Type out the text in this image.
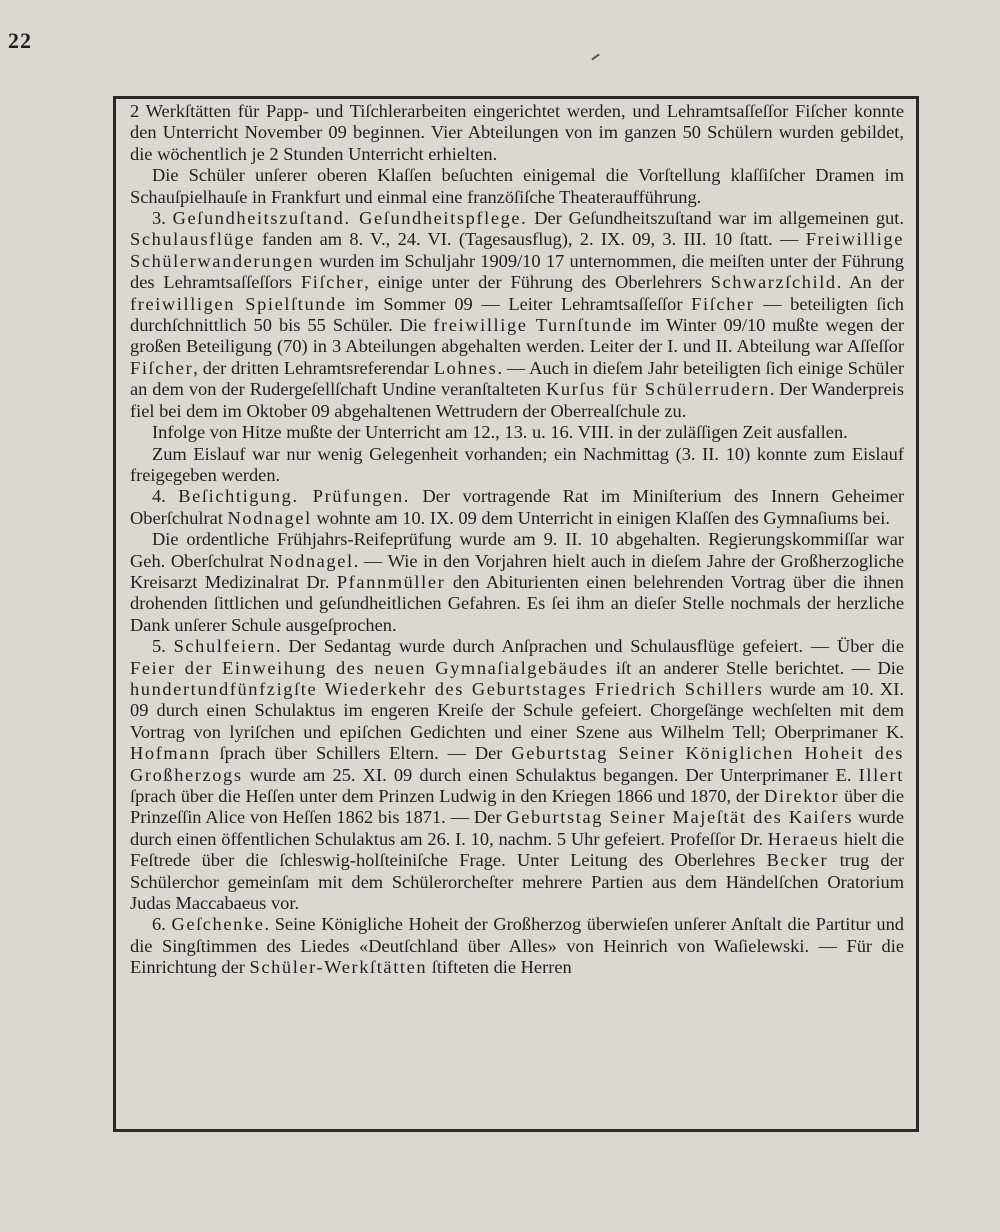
22

2 Werkſtätten für Papp- und Tiſchlerarbeiten eingerichtet werden, und Lehramtsaſſeſſor Fiſcher konnte den Unterricht November 09 beginnen. Vier Abteilungen von im ganzen 50 Schülern wurden gebildet, die wöchentlich je 2 Stunden Unterricht erhielten.

Die Schüler unſerer oberen Klaſſen beſuchten einigemal die Vorſtellung klaſſiſcher Dramen im Schauſpielhauſe in Frankfurt und einmal eine franzöſiſche Theateraufführung.

3. Geſundheitszuſtand. Geſundheitspflege. Der Geſundheitszuſtand war im allgemeinen gut. Schulausflüge fanden am 8. V., 24. VI. (Tagesausflug), 2. IX. 09, 3. III. 10 ſtatt. — Freiwillige Schülerwanderungen wurden im Schuljahr 1909/10 17 unternommen, die meiſten unter der Führung des Lehramtsaſſeſſors Fiſcher, einige unter der Führung des Oberlehrers Schwarzſchild. An der freiwilligen Spielſtunde im Sommer 09 — Leiter Lehramtsaſſeſſor Fiſcher — beteiligten ſich durchſchnittlich 50 bis 55 Schüler. Die freiwillige Turnſtunde im Winter 09/10 mußte wegen der großen Beteiligung (70) in 3 Abteilungen abgehalten werden. Leiter der I. und II. Abteilung war Aſſeſſor Fiſcher, der dritten Lehramtsreferendar Lohnes. — Auch in dieſem Jahr beteiligten ſich einige Schüler an dem von der Rudergeſellſchaft Undine veranſtalteten Kurſus für Schülerrudern. Der Wanderpreis fiel bei dem im Oktober 09 abgehaltenen Wettrudern der Oberrealſchule zu.

Infolge von Hitze mußte der Unterricht am 12., 13. u. 16. VIII. in der zuläſſigen Zeit ausfallen.

Zum Eislauf war nur wenig Gelegenheit vorhanden; ein Nachmittag (3. II. 10) konnte zum Eislauf freigegeben werden.

4. Beſichtigung. Prüfungen. Der vortragende Rat im Miniſterium des Innern Geheimer Oberſchulrat Nodnagel wohnte am 10. IX. 09 dem Unterricht in einigen Klaſſen des Gymnaſiums bei.

Die ordentliche Frühjahrs-Reifeprüfung wurde am 9. II. 10 abgehalten. Regierungskommiſſar war Geh. Oberſchulrat Nodnagel. — Wie in den Vorjahren hielt auch in dieſem Jahre der Großherzogliche Kreisarzt Medizinalrat Dr. Pfannmüller den Abiturienten einen belehrenden Vortrag über die ihnen drohenden ſittlichen und geſundheitlichen Gefahren. Es ſei ihm an dieſer Stelle nochmals der herzliche Dank unſerer Schule ausgeſprochen.

5. Schulfeiern. Der Sedantag wurde durch Anſprachen und Schulausflüge gefeiert. — Über die Feier der Einweihung des neuen Gymnaſialgebäudes iſt an anderer Stelle berichtet. — Die hundertundfünfzigſte Wiederkehr des Geburtstages Friedrich Schillers wurde am 10. XI. 09 durch einen Schulaktus im engeren Kreiſe der Schule gefeiert. Chorgeſänge wechſelten mit dem Vortrag von lyriſchen und epiſchen Gedichten und einer Szene aus Wilhelm Tell; Oberprimaner K. Hofmann ſprach über Schillers Eltern. — Der Geburtstag Seiner Königlichen Hoheit des Großherzogs wurde am 25. XI. 09 durch einen Schulaktus begangen. Der Unterprimaner E. Illert ſprach über die Heſſen unter dem Prinzen Ludwig in den Kriegen 1866 und 1870, der Direktor über die Prinzeſſin Alice von Heſſen 1862 bis 1871. — Der Geburtstag Seiner Majeſtät des Kaiſers wurde durch einen öffentlichen Schulaktus am 26. I. 10, nachm. 5 Uhr gefeiert. Profeſſor Dr. Heraeus hielt die Feſtrede über die ſchleswig-holſteiniſche Frage. Unter Leitung des Oberlehres Becker trug der Schülerchor gemeinſam mit dem Schülerorcheſter mehrere Partien aus dem Händelſchen Oratorium Judas Maccabaeus vor.

6. Geſchenke. Seine Königliche Hoheit der Großherzog überwieſen unſerer Anſtalt die Partitur und die Singſtimmen des Liedes «Deutſchland über Alles» von Heinrich von Waſielewski. — Für die Einrichtung der Schüler-Werkſtätten ſtifteten die Herren
